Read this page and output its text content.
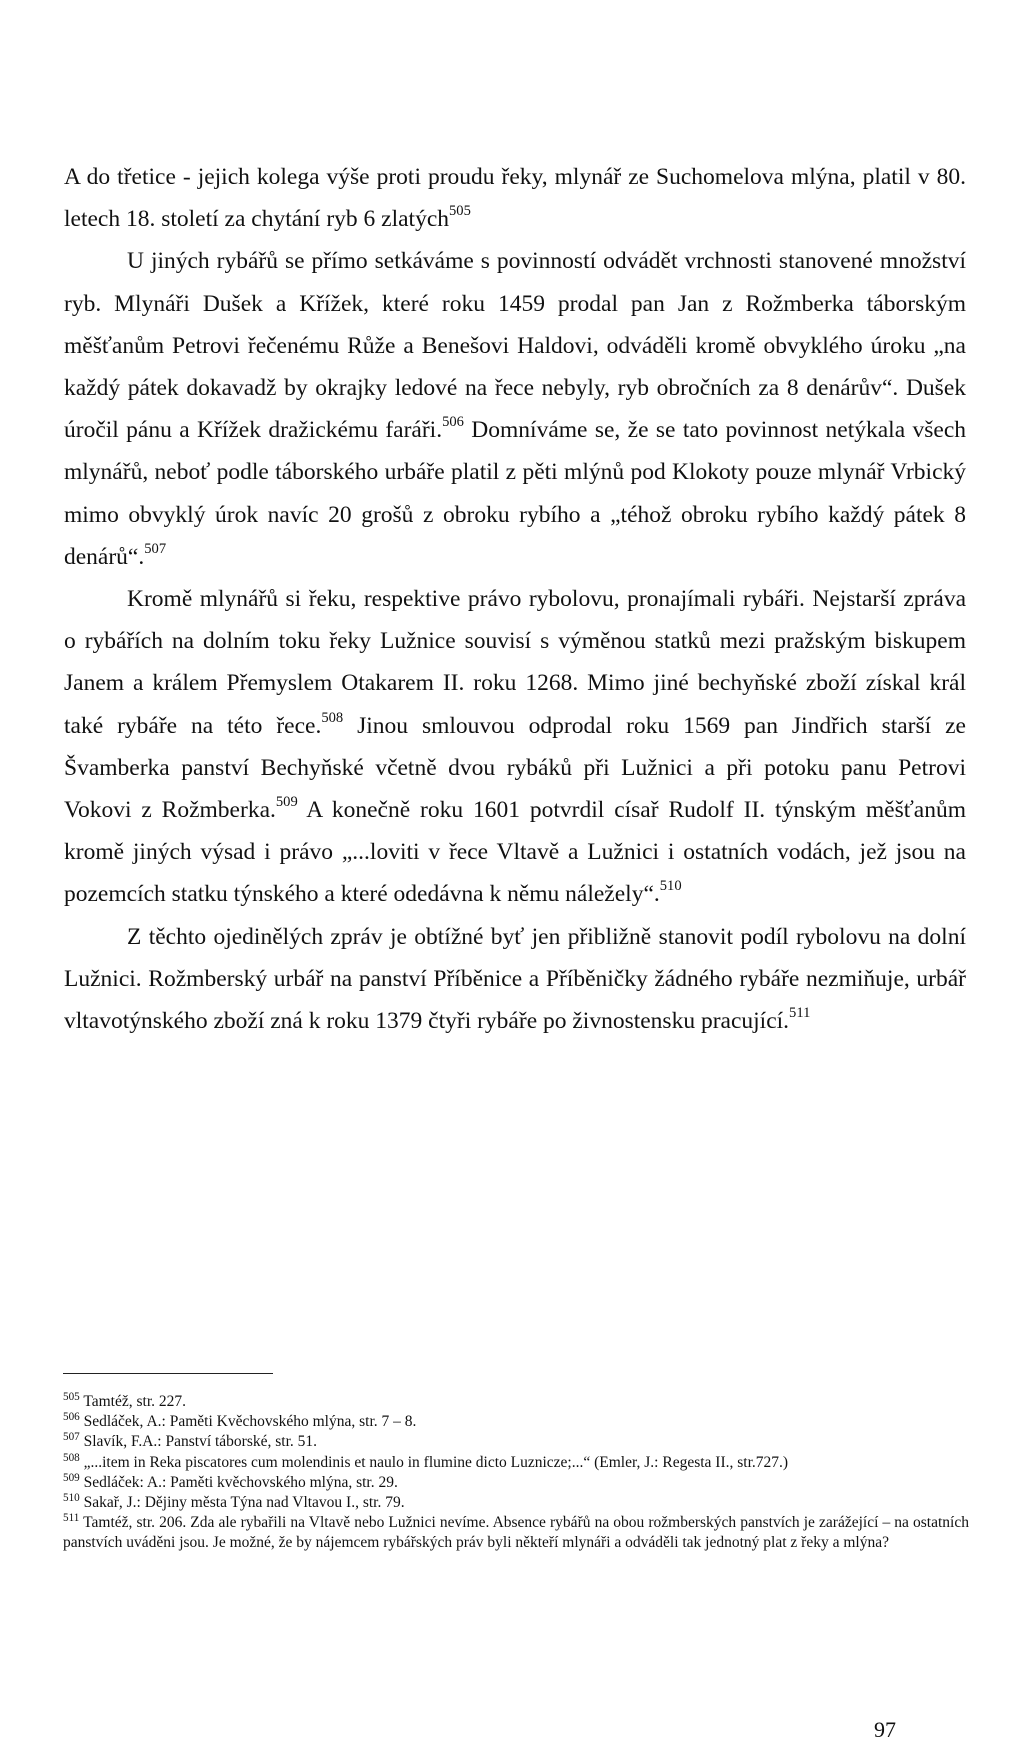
A do třetice - jejich kolega výše proti proudu řeky, mlynář ze Suchomelova mlýna, platil v 80. letech 18. století za chytání ryb 6 zlatých$^{505}$

U jiných rybářů se přímo setkáváme s povinností odvádět vrchnosti stanovené množství ryb. Mlynáři Dušek a Křížek, které roku 1459 prodal pan Jan z Rožmberka táborským měšťanům Petrovi řečenému Růže a Benešovi Haldovi, odváděli kromě obvyklého úroku „na každý pátek dokavadž by okrajky ledové na řece nebyly, ryb obročních za 8 denárův“. Dušek úročil pánu a Křížek dražickému faráři.$^{506}$ Domníváme se, že se tato povinnost netýkala všech mlynářů, neboť podle táborského urbáře platil z pěti mlýnů pod Klokoty pouze mlynář Vrbický mimo obvyklý úrok navíc 20 grošů z obroku rybího a „téhož obroku rybího každý pátek 8 denárů“.$^{507}$

Kromě mlynářů si řeku, respektive právo rybolovu, pronajímali rybáři. Nejstarší zpráva o rybářích na dolním toku řeky Lužnice souvisí s výměnou statků mezi pražským biskupem Janem a králem Přemyslem Otakarem II. roku 1268. Mimo jiné bechyňské zboží získal král také rybáře na této řece.$^{508}$ Jinou smlouvou odprodal roku 1569 pan Jindřich starší ze Švamberka panství Bechyňské včetně dvou rybáků při Lužnici a při potoku panu Petrovi Vokovi z Rožmberka.$^{509}$ A konečně roku 1601 potvrdil císař Rudolf II. týnským měšťanům kromě jiných výsad i právo „...loviti v řece Vltavě a Lužnici i ostatních vodách, jež jsou na pozemcích statku týnského a které odedávna k němu náležely“.$^{510}$

Z těchto ojedinělých zpráv je obtížné byť jen přibližně stanovit podíl rybolovu na dolní Lužnici. Rožmberský urbář na panství Příběnice a Příběničky žádného rybáře nezmiňuje, urbář vltavotýnského zboží zná k roku 1379 čtyři rybáře po živnostensku pracující.$^{511}$

$^{505}$ Tamtéž, str. 227.

$^{506}$ Sedláček, A.: Paměti Kvěchovského mlýna, str. 7 – 8.

$^{507}$ Slavík, F.A.: Panství táborské, str. 51.

$^{508}$ „...item in Reka piscatores cum molendinis et naulo in flumine dicto Luznicze;...“ (Emler, J.: Regesta II., str.727.)

$^{509}$ Sedláček: A.: Paměti kvěchovského mlýna, str. 29.

$^{510}$ Sakař, J.: Dějiny města Týna nad Vltavou I., str. 79.

$^{511}$ Tamtéž, str. 206. Zda ale rybařili na Vltavě nebo Lužnici nevíme. Absence rybářů na obou rožmberských panstvích je zarážející – na ostatních panstvích uváděni jsou. Je možné, že by nájemcem rybářských práv byli někteří mlynáři a odváděli tak jednotný plat z řeky a mlýna?

97
